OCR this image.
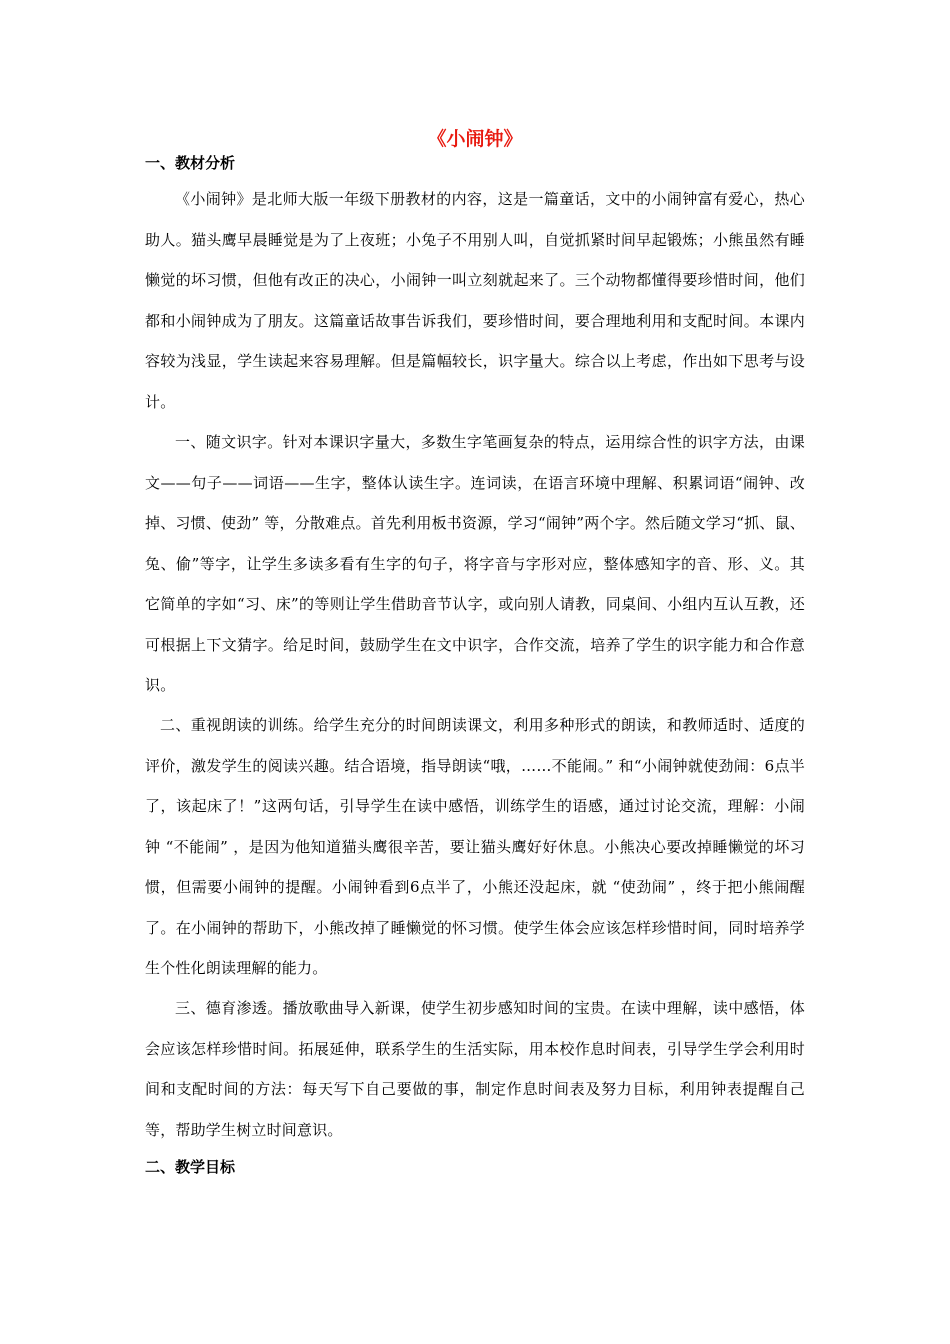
《小闹钟》
一、教材分析

《小闹钟》是北师大版一年级下册教材的内容，这是一篇童话，文中的小闹钟富有爱心，热心助人。猫头鹰早晨睡觉是为了上夜班；小兔子不用别人叫，自觉抓紧时间早起锻炼；小熊虽然有睡懒觉的坏习惯，但他有改正的决心，小闹钟一叫立刻就起来了。三个动物都懂得要珍惜时间，他们都和小闹钟成为了朋友。这篇童话故事告诉我们，要珍惜时间，要合理地利用和支配时间。本课内容较为浅显，学生读起来容易理解。但是篇幅较长，识字量大。综合以上考虑，作出如下思考与设计。

一、随文识字。针对本课识字量大，多数生字笔画复杂的特点，运用综合性的识字方法，由课文——句子——词语——生字，整体认读生字。连词读，在语言环境中理解、积累词语“闹钟、改掉、习惯、使劲” 等，分散难点。首先利用板书资源，学习“闹钟”两个字。然后随文学习“抓、鼠、兔、偷”等字，让学生多读多看有生字的句子，将字音与字形对应，整体感知字的音、形、义。其它简单的字如“习、床”的等则让学生借助音节认字，或向别人请教，同桌间、小组内互认互教，还可根据上下文猜字。给足时间，鼓励学生在文中识字，合作交流，培养了学生的识字能力和合作意识。

二、重视朗读的训练。给学生充分的时间朗读课文，利用多种形式的朗读，和教师适时、适度的评价，激发学生的阅读兴趣。结合语境，指导朗读“哦，……不能闹。” 和“小闹钟就使劲闹：6点半了，该起床了！”这两句话，引导学生在读中感悟，训练学生的语感，通过讨论交流，理解：小闹钟 “不能闹” ，是因为他知道猫头鹰很辛苦，要让猫头鹰好好休息。小熊决心要改掉睡懒觉的坏习惯，但需要小闹钟的提醒。小闹钟看到6点半了，小熊还没起床，就 “使劲闹” ，终于把小熊闹醒了。在小闹钟的帮助下，小熊改掉了睡懒觉的怀习惯。使学生体会应该怎样珍惜时间，同时培养学生个性化朗读理解的能力。

三、德育渗透。播放歌曲导入新课，使学生初步感知时间的宝贵。在读中理解，读中感悟，体会应该怎样珍惜时间。拓展延伸，联系学生的生活实际，用本校作息时间表，引导学生学会利用时间和支配时间的方法：每天写下自己要做的事，制定作息时间表及努力目标，利用钟表提醒自己等，帮助学生树立时间意识。

二、教学目标
